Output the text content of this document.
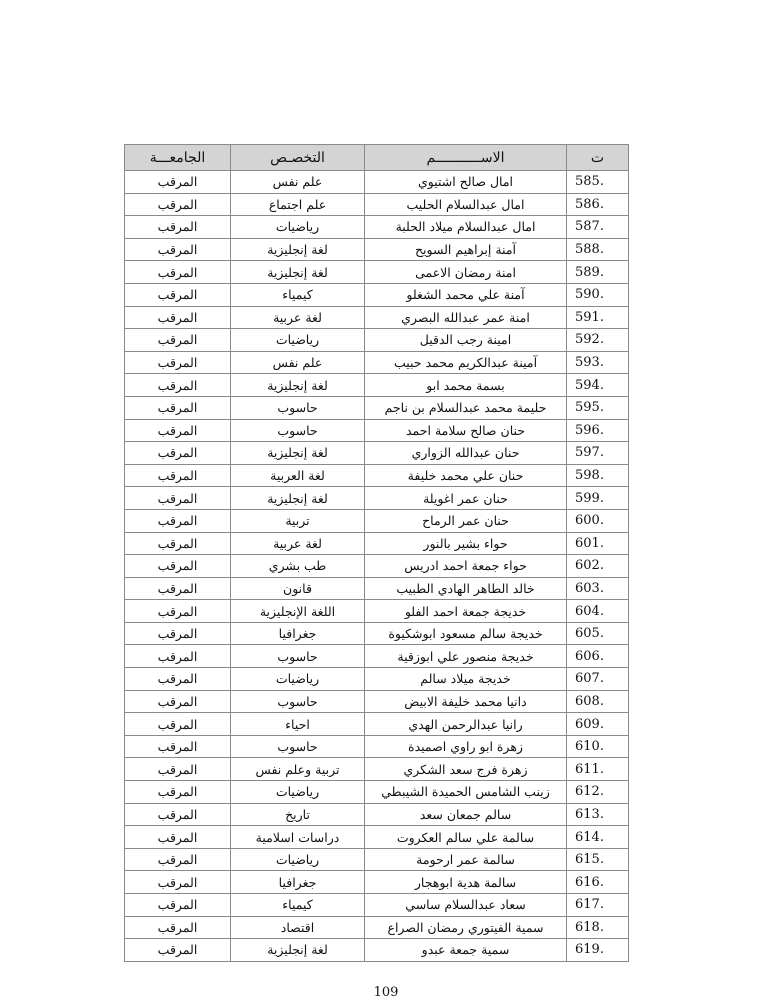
الجامعـــة	التخصـص	الاســـــــــــم	ت
المرقب	علم نفس	امال صالح اشتيوي	.585
المرقب	علم اجتماع	امال عبدالسلام الحليب	.586
المرقب	رياضيات	امال عبدالسلام ميلاد الحلبة	.587
المرقب	لغة إنجليزية	آمنة إبراهيم السويح	.588
المرقب	لغة إنجليزية	امنة رمضان الاعمى	.589
المرقب	كيمياء	آمنة علي محمد الشغلو	.590
المرقب	لغة عربية	امنة عمر عبدالله البصري	.591
المرقب	رياضيات	امينة رجب الدقيل	.592
المرقب	علم نفس	آمينة عبدالكريم محمد حبيب	.593
المرقب	لغة إنجليزية	بسمة محمد ابو	.594
المرقب	حاسوب	حليمة محمد عبدالسلام بن ناجم	.595
المرقب	حاسوب	حنان صالح سلامة احمد	.596
المرقب	لغة إنجليزية	حنان عبدالله الزواري	.597
المرقب	لغة العربية	حنان علي محمد خليفة	.598
المرقب	لغة إنجليزية	حنان عمر اغويلة	.599
المرقب	تربية	حنان عمر الرماح	.600
المرقب	لغة عربية	حواء بشير بالنور	.601
المرقب	طب بشري	حواء جمعة احمد ادريس	.602
المرقب	قانون	خالد الطاهر الهادي الطبيب	.603
المرقب	اللغة الإنجليزية	خديجة جمعة احمد الفلو	.604
المرقب	جغرافيا	خديجة سالم مسعود ابوشكيوة	.605
المرقب	حاسوب	خديجة منصور علي ابوزقية	.606
المرقب	رياضيات	خديجة ميلاد سالم	.607
المرقب	حاسوب	دانيا محمد خليفة الابيض	.608
المرقب	احياء	رانيا عبدالرحمن الهدي	.609
المرقب	حاسوب	زهرة ابو راوي اصميدة	.610
المرقب	تربية وعلم نفس	زهرة فرج سعد الشكري	.611
المرقب	رياضيات	زينب الشامس الحميدة الشيبطي	.612
المرقب	تاريخ	سالم جمعان سعد	.613
المرقب	دراسات اسلامية	سالمة علي سالم العكروت	.614
المرقب	رياضيات	سالمة عمر ارحومة	.615
المرقب	جغرافيا	سالمة هدية ابوهجار	.616
المرقب	كيمياء	سعاد عبدالسلام ساسي	.617
المرقب	اقتصاد	سمية الفيتوري رمضان الصراع	.618
المرقب	لغة إنجليزية	سمية جمعة عبدو	.619
109
